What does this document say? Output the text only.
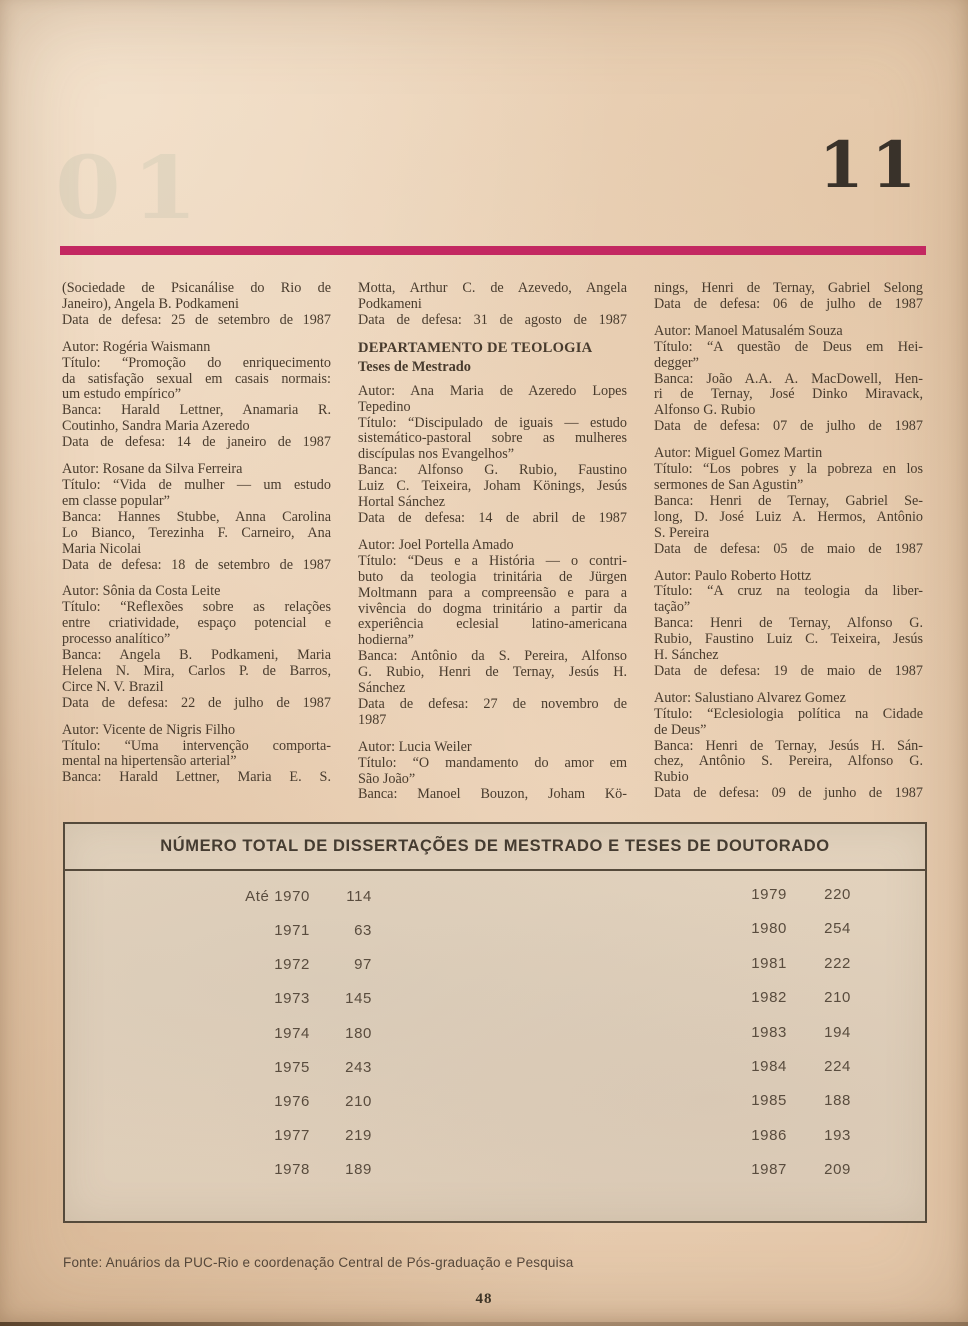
01	11
(Sociedade de Psicanálise do Rio de
Janeiro), Angela B. Podkameni
Data de defesa: 25 de setembro de 1987
Autor: Rogéria Waismann
Título: “Promoção do enriquecimento
da satisfação sexual em casais normais:
um estudo empírico”
Banca: Harald Lettner, Anamaria R.
Coutinho, Sandra Maria Azeredo
Data de defesa: 14 de janeiro de 1987
Autor: Rosane da Silva Ferreira
Título: “Vida de mulher — um estudo
em classe popular”
Banca: Hannes Stubbe, Anna Carolina
Lo Bianco, Terezinha F. Carneiro, Ana
Maria Nicolai
Data de defesa: 18 de setembro de 1987
Autor: Sônia da Costa Leite
Título: “Reflexões sobre as relações
entre criatividade, espaço potencial e
processo analítico”
Banca: Angela B. Podkameni, Maria
Helena N. Mira, Carlos P. de Barros,
Circe N. V. Brazil
Data de defesa: 22 de julho de 1987
Autor: Vicente de Nigris Filho
Título: “Uma intervenção comporta-
mental na hipertensão arterial”
Banca: Harald Lettner, Maria E. S.
Motta, Arthur C. de Azevedo, Angela
Podkameni
Data de defesa: 31 de agosto de 1987
DEPARTAMENTO DE TEOLOGIA
Teses de Mestrado
Autor: Ana Maria de Azeredo Lopes
Tepedino
Título: “Discipulado de iguais — estudo
sistemático-pastoral sobre as mulheres
discípulas nos Evangelhos”
Banca: Alfonso G. Rubio, Faustino
Luiz C. Teixeira, Joham Könings, Jesús
Hortal Sánchez
Data de defesa: 14 de abril de 1987
Autor: Joel Portella Amado
Título: “Deus e a História — o contri-
buto da teologia trinitária de Jürgen
Moltmann para a compreensão e para a
vivência do dogma trinitário a partir da
experiência eclesial latino-americana
hodierna”
Banca: Antônio da S. Pereira, Alfonso
G. Rubio, Henri de Ternay, Jesús H.
Sánchez
Data de defesa: 27 de novembro de
1987
Autor: Lucia Weiler
Título: “O mandamento do amor em
São João”
Banca: Manoel Bouzon, Joham Kö-
nings, Henri de Ternay, Gabriel Selong
Data de defesa: 06 de julho de 1987
Autor: Manoel Matusalém Souza
Título: “A questão de Deus em Hei-
degger”
Banca: João A.A. A. MacDowell, Hen-
ri de Ternay, José Dinko Miravack,
Alfonso G. Rubio
Data de defesa: 07 de julho de 1987
Autor: Miguel Gomez Martin
Título: “Los pobres y la pobreza en los
sermones de San Agustin”
Banca: Henri de Ternay, Gabriel Se-
long, D. José Luiz A. Hermos, Antônio
S. Pereira
Data de defesa: 05 de maio de 1987
Autor: Paulo Roberto Hottz
Título: “A cruz na teologia da liber-
tação”
Banca: Henri de Ternay, Alfonso G.
Rubio, Faustino Luiz C. Teixeira, Jesús
H. Sánchez
Data de defesa: 19 de maio de 1987
Autor: Salustiano Alvarez Gomez
Título: “Eclesiologia política na Cidade
de Deus”
Banca: Henri de Ternay, Jesús H. Sán-
chez, Antônio S. Pereira, Alfonso G.
Rubio
Data de defesa: 09 de junho de 1987
NÚMERO TOTAL DE DISSERTAÇÕES DE MESTRADO E TESES DE DOUTORADO
Até 1970 114
1971	63
1972	97
1973 145
1974 180
1975 243
1976 210
1977 219
1978 189
1979 220
1980 254
1981 222
1982 210
1983 194
1984 224
1985 188
1986 193
1987 209
Fonte: Anuários da PUC-Rio e coordenação Central de Pós-graduação e Pesquisa
48
